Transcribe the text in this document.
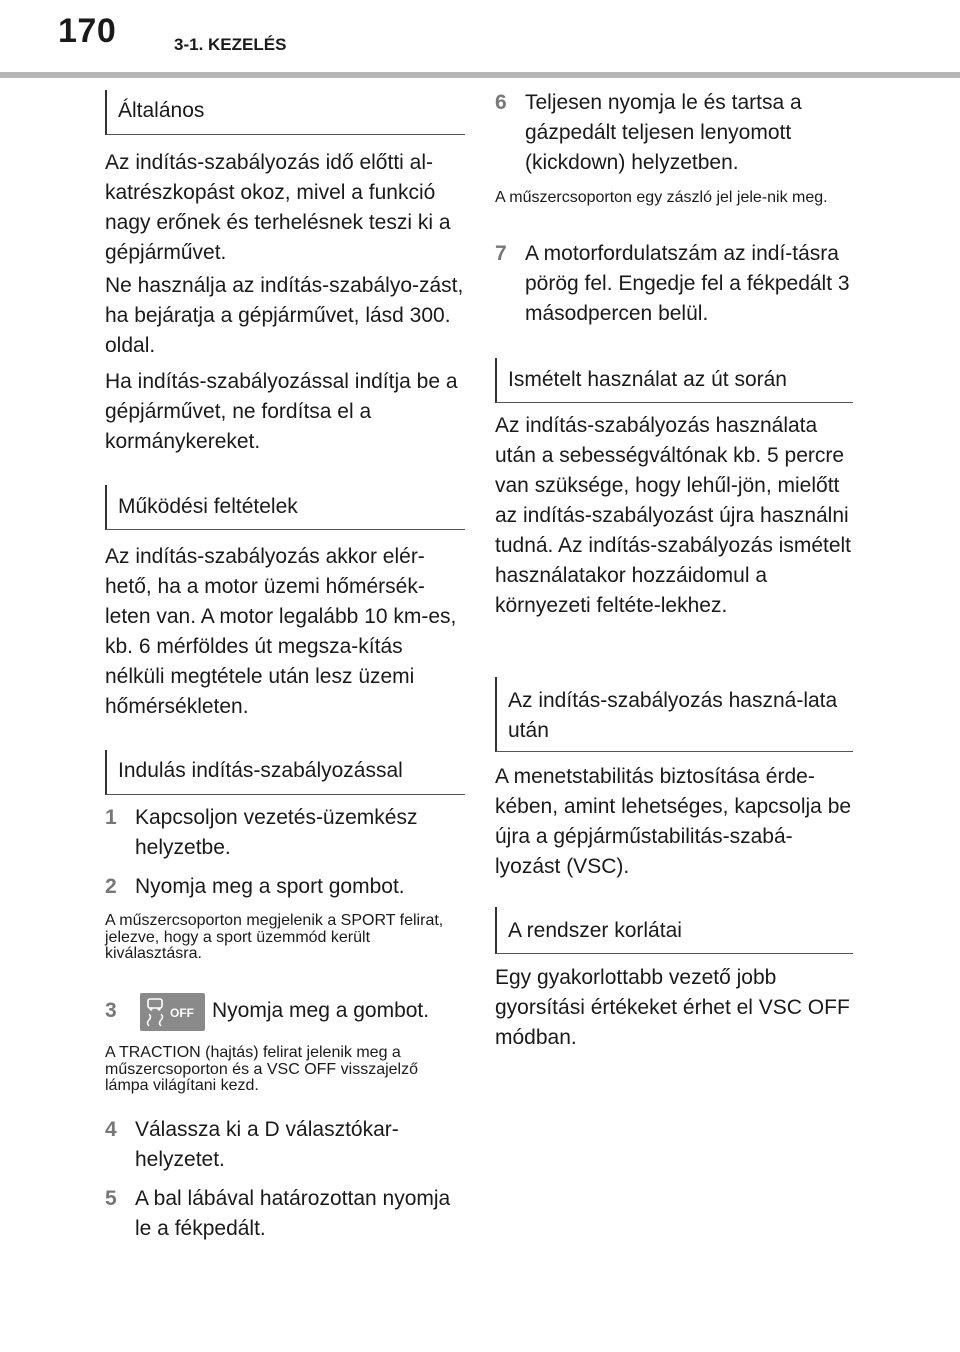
170	3-1. KEZELÉS
Általános

Az indítás-szabályozás idő előtti al-katrészkopást okoz, mivel a funkció nagy erőnek és terhelésnek teszi ki a gépjárművet.

Ne használja az indítás-szabályo-zást, ha bejáratja a gépjárművet, lásd 300. oldal.

Ha indítás-szabályozással indítja be a gépjárművet, ne fordítsa el a kormánykereket.

Működési feltételek

Az indítás-szabályozás akkor elér-hető, ha a motor üzemi hőmérsék-leten van. A motor legalább 10 km-es, kb. 6 mérföldes út megsza-kítás nélküli megtétele után lesz üzemi hőmérsékleten.

Indulás indítás-szabályozással
1 Kapcsoljon vezetés-üzemkész helyzetbe.
2 Nyomja meg a sport gombot.

A műszercsoporton megjelenik a SPORT felirat, jelezve, hogy a sport üzemmód került kiválasztásra.

3	OFF Nyomja meg a gombot.

A TRACTION (hajtás) felirat jelenik meg a műszercsoporton és a VSC OFF visszajelző lámpa világítani kezd.

4 Válassza ki a D választókar-helyzetet.
5 A bal lábával határozottan nyomja le a fékpedált.
6 Teljesen nyomja le és tartsa a gázpedált teljesen lenyomott (kickdown) helyzetben.

A műszercsoporton egy zászló jel jele-nik meg.

7 A motorfordulatszám az indí-tásra pörög fel. Engedje fel a fékpedált 3 másodpercen belül.
Ismételt használat az út során

Az indítás-szabályozás használata után a sebességváltónak kb. 5 percre van szüksége, hogy lehűl-jön, mielőtt az indítás-szabályozást újra használni tudná. Az indítás-szabályozás ismételt használatakor hozzáidomul a környezeti feltéte-lekhez.

Az indítás-szabályozás haszná-lata után

A menetstabilitás biztosítása érde-kében, amint lehetséges, kapcsolja be újra a gépjárműstabilitás-szabá-lyozást (VSC).

A rendszer korlátai

Egy gyakorlottabb vezető jobb gyorsítási értékeket érhet el VSC OFF módban.
